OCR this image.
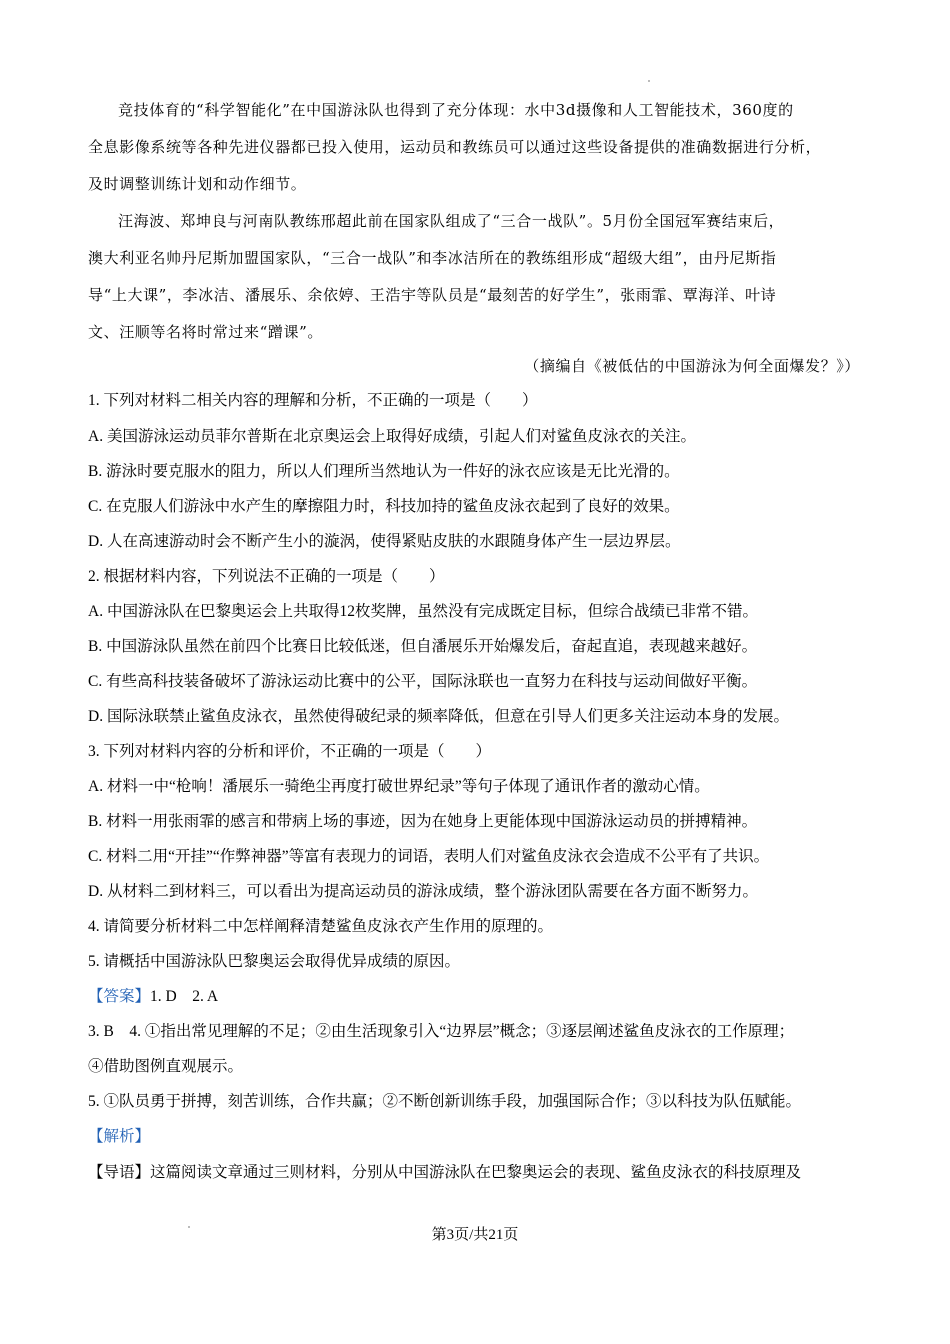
竞技体育的“科学智能化”在中国游泳队也得到了充分体现：水中3d摄像和人工智能技术，360度的
全息影像系统等各种先进仪器都已投入使用，运动员和教练员可以通过这些设备提供的准确数据进行分析，
及时调整训练计划和动作细节。
汪海波、郑坤良与河南队教练邢超此前在国家队组成了“三合一战队”。5月份全国冠军赛结束后，
澳大利亚名帅丹尼斯加盟国家队，“三合一战队”和李冰洁所在的教练组形成“超级大组”，由丹尼斯指
导“上大课”，李冰洁、潘展乐、余依婷、王浩宇等队员是“最刻苦的好学生”，张雨霏、覃海洋、叶诗
文、汪顺等名将时常过来“蹭课”。
（摘编自《被低估的中国游泳为何全面爆发？》）
1. 下列对材料二相关内容的理解和分析，不正确的一项是（　　）
A. 美国游泳运动员菲尔普斯在北京奥运会上取得好成绩，引起人们对鲨鱼皮泳衣的关注。
B. 游泳时要克服水的阻力，所以人们理所当然地认为一件好的泳衣应该是无比光滑的。
C. 在克服人们游泳中水产生的摩擦阻力时，科技加持的鲨鱼皮泳衣起到了良好的效果。
D. 人在高速游动时会不断产生小的漩涡，使得紧贴皮肤的水跟随身体产生一层边界层。
2. 根据材料内容，下列说法不正确的一项是（　　）
A. 中国游泳队在巴黎奥运会上共取得12枚奖牌，虽然没有完成既定目标，但综合战绩已非常不错。
B. 中国游泳队虽然在前四个比赛日比较低迷，但自潘展乐开始爆发后，奋起直追，表现越来越好。
C. 有些高科技装备破坏了游泳运动比赛中的公平，国际泳联也一直努力在科技与运动间做好平衡。
D. 国际泳联禁止鲨鱼皮泳衣，虽然使得破纪录的频率降低，但意在引导人们更多关注运动本身的发展。
3. 下列对材料内容的分析和评价，不正确的一项是（　　）
A. 材料一中“枪响！潘展乐一骑绝尘再度打破世界纪录”等句子体现了通讯作者的激动心情。
B. 材料一用张雨霏的感言和带病上场的事迹，因为在她身上更能体现中国游泳运动员的拼搏精神。
C. 材料二用“开挂”“作弊神器”等富有表现力的词语，表明人们对鲨鱼皮泳衣会造成不公平有了共识。
D. 从材料二到材料三，可以看出为提高运动员的游泳成绩，整个游泳团队需要在各方面不断努力。
4. 请简要分析材料二中怎样阐释清楚鲨鱼皮泳衣产生作用的原理的。
5. 请概括中国游泳队巴黎奥运会取得优异成绩的原因。
【答案】1. D　2. A
3. B　4. ①指出常见理解的不足；②由生活现象引入“边界层”概念；③逐层阐述鲨鱼皮泳衣的工作原理；
④借助图例直观展示。
5. ①队员勇于拼搏，刻苦训练，合作共赢；②不断创新训练手段，加强国际合作；③以科技为队伍赋能。
【解析】
【导语】这篇阅读文章通过三则材料，分别从中国游泳队在巴黎奥运会的表现、鲨鱼皮泳衣的科技原理及
第3页/共21页
